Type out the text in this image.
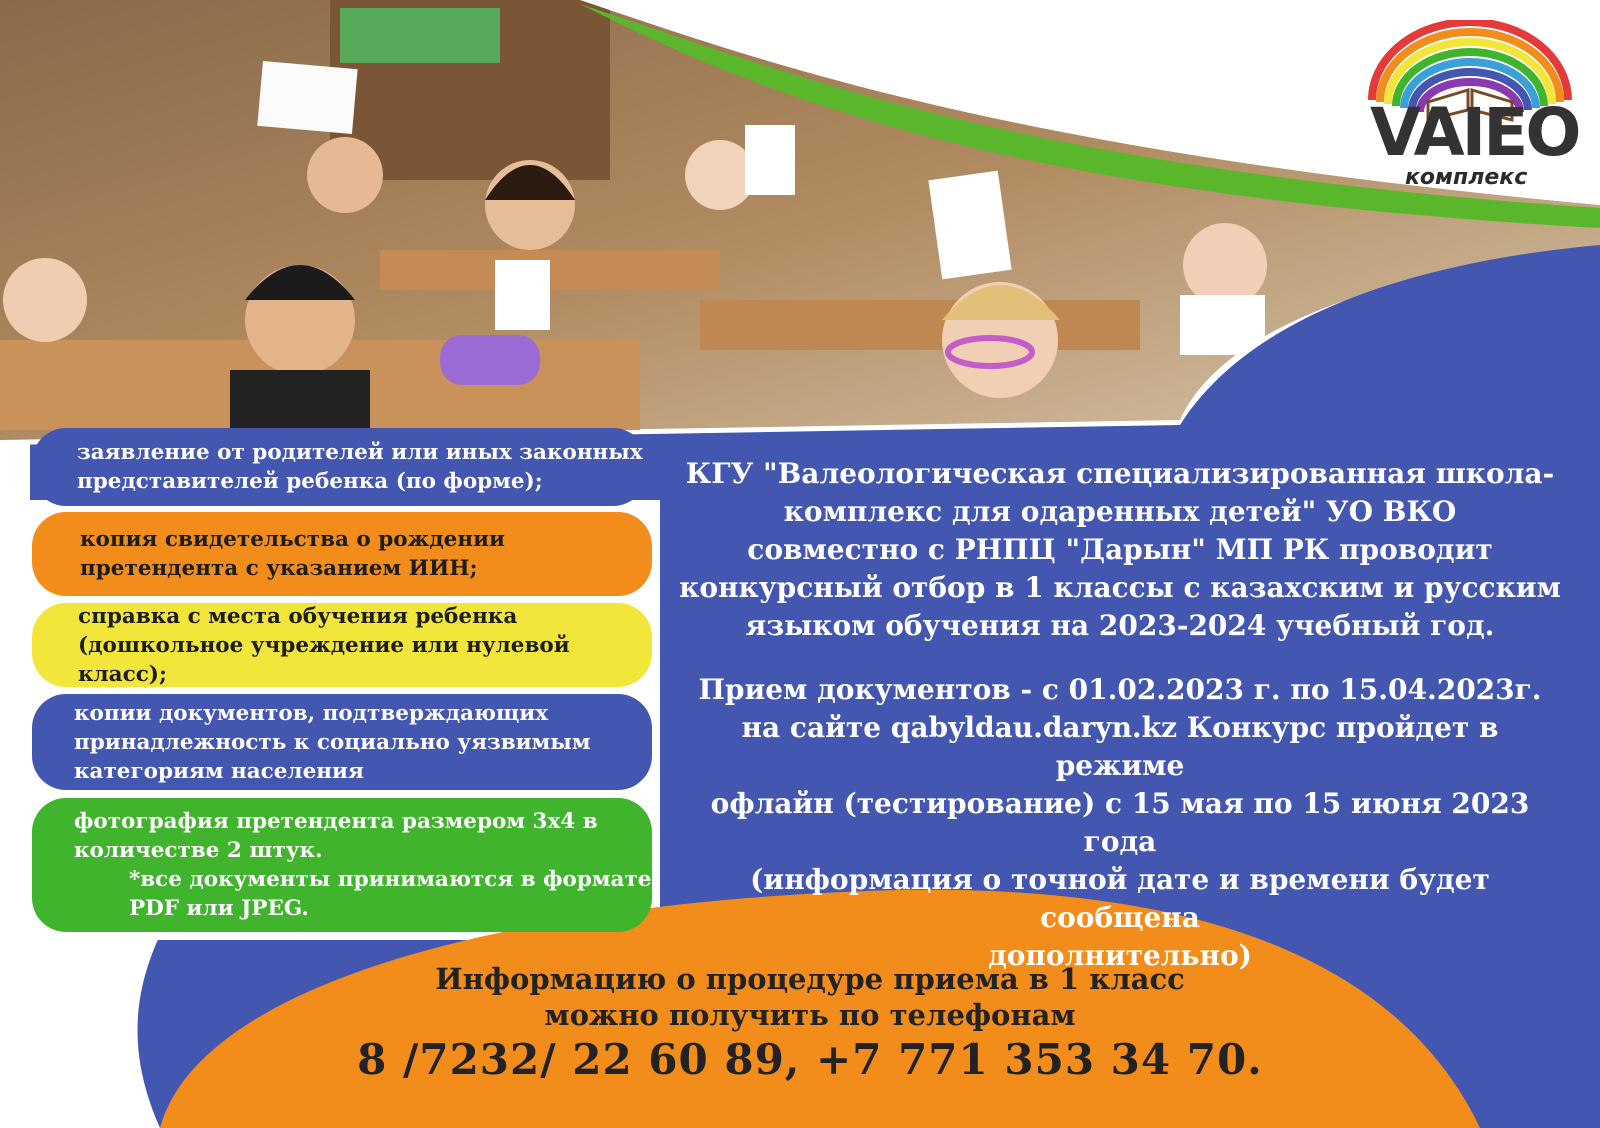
VAIEO
комплекс
заявление от родителей или иных законных
представителей ребенка (по форме);
копия свидетельства о рождении
претендента с указанием ИИН;
справка с места обучения ребенка
(дошкольное учреждение или нулевой класс);
копии документов, подтверждающих
принадлежность к социально уязвимым
категориям населения
фотография претендента размером 3х4 в
количестве 2 штук.
*все документы принимаются в формате
PDF или JPEG.
КГУ "Валеологическая специализированная школа-
комплекс для одаренных детей" УО ВКО
совместно с РНПЦ "Дарын" МП РК проводит
конкурсный отбор в 1 классы с казахским и русским
языком обучения на 2023-2024 учебный год.
Прием документов - с 01.02.2023 г. по 15.04.2023г.
на сайте qabyldau.daryn.kz Конкурс пройдет в режиме
офлайн (тестирование) с 15 мая по 15 июня 2023 года
(информация о точной дате и времени будет сообщена
дополнительно)
Информацию о процедуре приема в 1 класс
можно получить по телефонам
8 /7232/ 22 60 89, +7 771 353 34 70.
